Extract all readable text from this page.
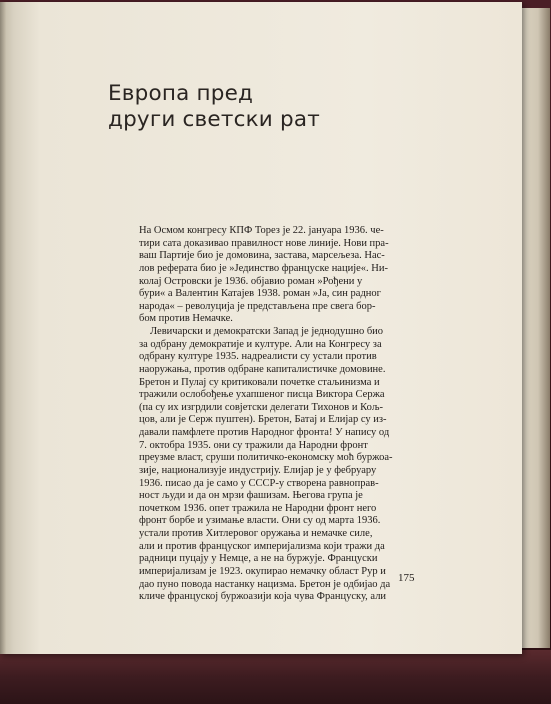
Европа пред
други светски рат
На Осмом конгресу КПФ Торез је 22. јануара 1936. че-
тири сата доказивао правилност нове линије. Нови пра-
ваш Партије био је домовина, застава, марсељеза. Нас-
лов реферата био је »Јединство француске нације«. Ни-
колај Островски је 1936. објавио роман »Рођени у
бури« а Валентин Катајев 1938. роман »Ја, син радног
народа« – револуција је представљена пре свега бор-
бом против Немачке.
Левичарски и демократски Запад је једнодушно био
за одбрану демократије и културе. Али на Конгресу за
одбрану културе 1935. надреалисти су устали против
наоружања, против одбране капиталистичке домовине.
Бретон и Пулај су критиковали почетке стаљинизма и
тражили ослобођење ухапшеног писца Виктора Сержа
(па су их изгрдили совјетски делегати Тихонов и Кољ-
цов, али је Серж пуштен). Бретон, Батај и Елијар су из-
давали памфлете против Народног фронта! У напису од
7. октобра 1935. они су тражили да Народни фронт
преузме власт, сруши политичко-економску моћ буржоа-
зије, национализује индустрију. Елијар је у фебруару
1936. писао да је само у СССР-у створена равноправ-
ност људи и да он мрзи фашизам. Његова група је
почетком 1936. опет тражила не Народни фронт него
фронт борбе и узимање власти. Они су од марта 1936.
устали против Хитлеровог оружања и немачке силе,
али и против француског империјализма који тражи да
радници пуцају у Немце, а не на буржује. Француски
империјализам је 1923. окупирао немачку област Рур и
дао пуно повода настанку нацизма. Бретон је одбијао да
кличе француској буржоазији која чува Француску, али
175
